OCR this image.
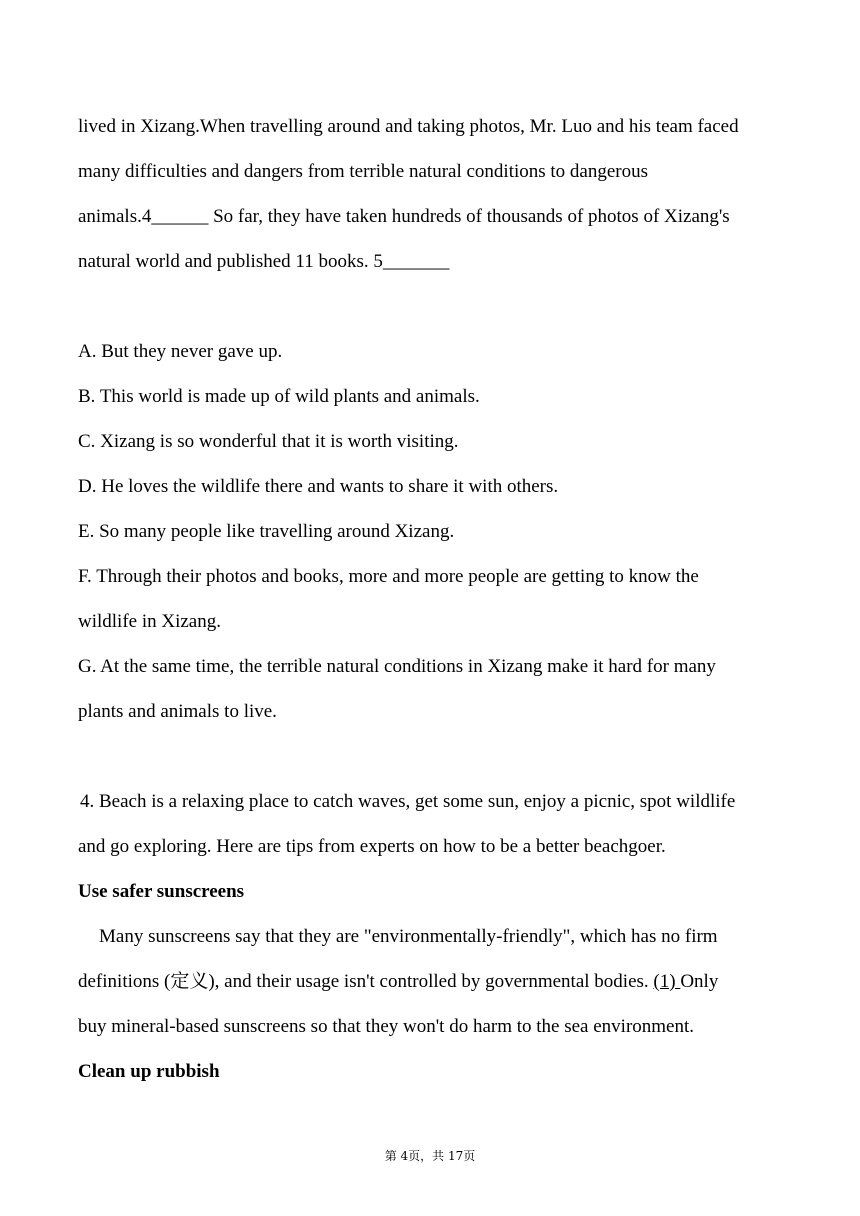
lived in Xizang.When travelling around and taking photos, Mr. Luo and his team faced
many difficulties and dangers from terrible natural conditions to dangerous
animals.4______ So far, they have taken hundreds of thousands of photos of Xizang's
natural world and published 11 books. 5_______
A. But they never gave up.
B. This world is made up of wild plants and animals.
C. Xizang is so wonderful that it is worth visiting.
D. He loves the wildlife there and wants to share it with others.
E. So many people like travelling around Xizang.
F. Through their photos and books, more and more people are getting to know the
wildlife in Xizang.
G. At the same time, the terrible natural conditions in Xizang make it hard for many
plants and animals to live.
4. Beach is a relaxing place to catch waves, get some sun, enjoy a picnic, spot wildlife
and go exploring. Here are tips from experts on how to be a better beachgoer.
Use safer sunscreens
Many sunscreens say that they are "environmentally-friendly", which has no firm
definitions (定义), and their usage isn't controlled by governmental bodies. (1) Only
buy mineral-based sunscreens so that they won't do harm to the sea environment.
Clean up rubbish
第 4页，共 17页
